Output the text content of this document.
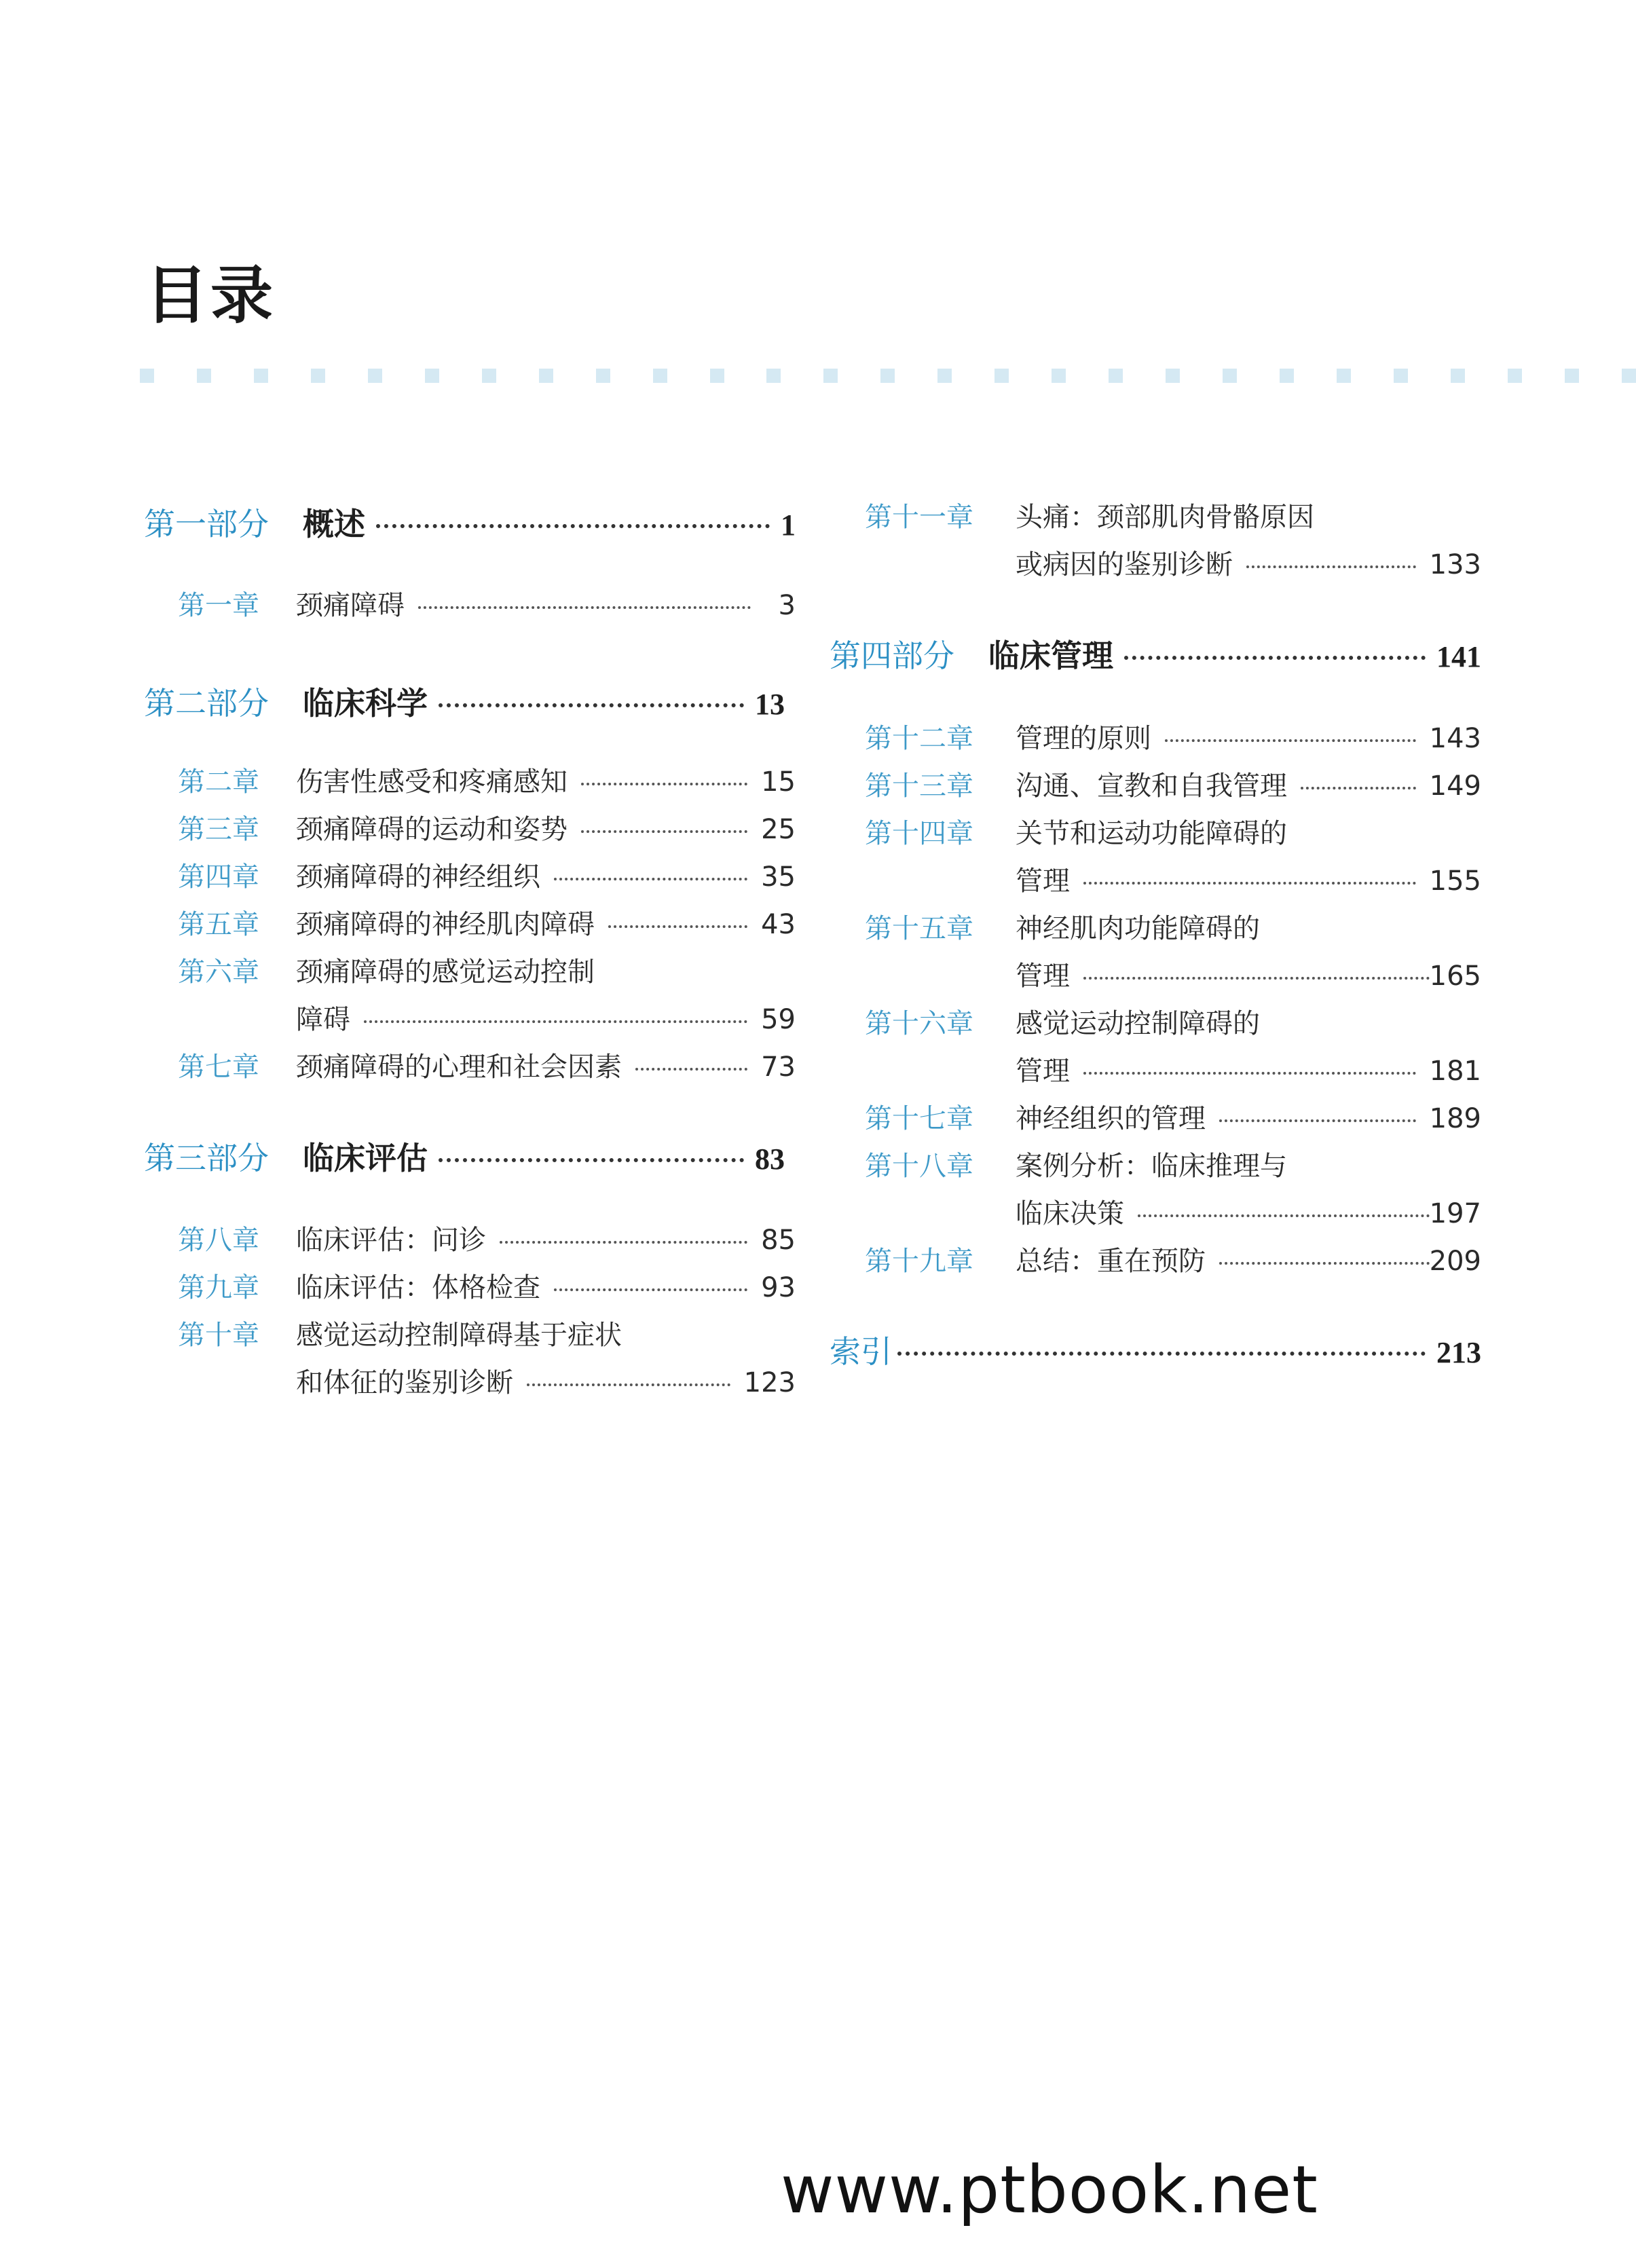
目录
第一部分 概述	1
第一章	颈痛障碍	3
第二部分 临床科学	13
第二章	伤害性感受和疼痛感知	15
第三章	颈痛障碍的运动和姿势	25
第四章	颈痛障碍的神经组织	35
第五章	颈痛障碍的神经肌肉障碍	43
第六章	颈痛障碍的感觉运动控制
障碍	59
第七章	颈痛障碍的心理和社会因素	73
第三部分 临床评估	83
第八章	临床评估：问诊	85
第九章	临床评估：体格检查	93
第十章	感觉运动控制障碍基于症状
和体征的鉴别诊断	123
第十一章	头痛：颈部肌肉骨骼原因
或病因的鉴别诊断	133
第四部分 临床管理	141
第十二章	管理的原则	143
第十三章	沟通、宣教和自我管理	149
第十四章	关节和运动功能障碍的
管理	155
第十五章	神经肌肉功能障碍的
管理	165
第十六章	感觉运动控制障碍的
管理	181
第十七章	神经组织的管理	189
第十八章	案例分析：临床推理与
临床决策	197
第十九章	总结：重在预防	209
索引	213
www.ptbook.net
